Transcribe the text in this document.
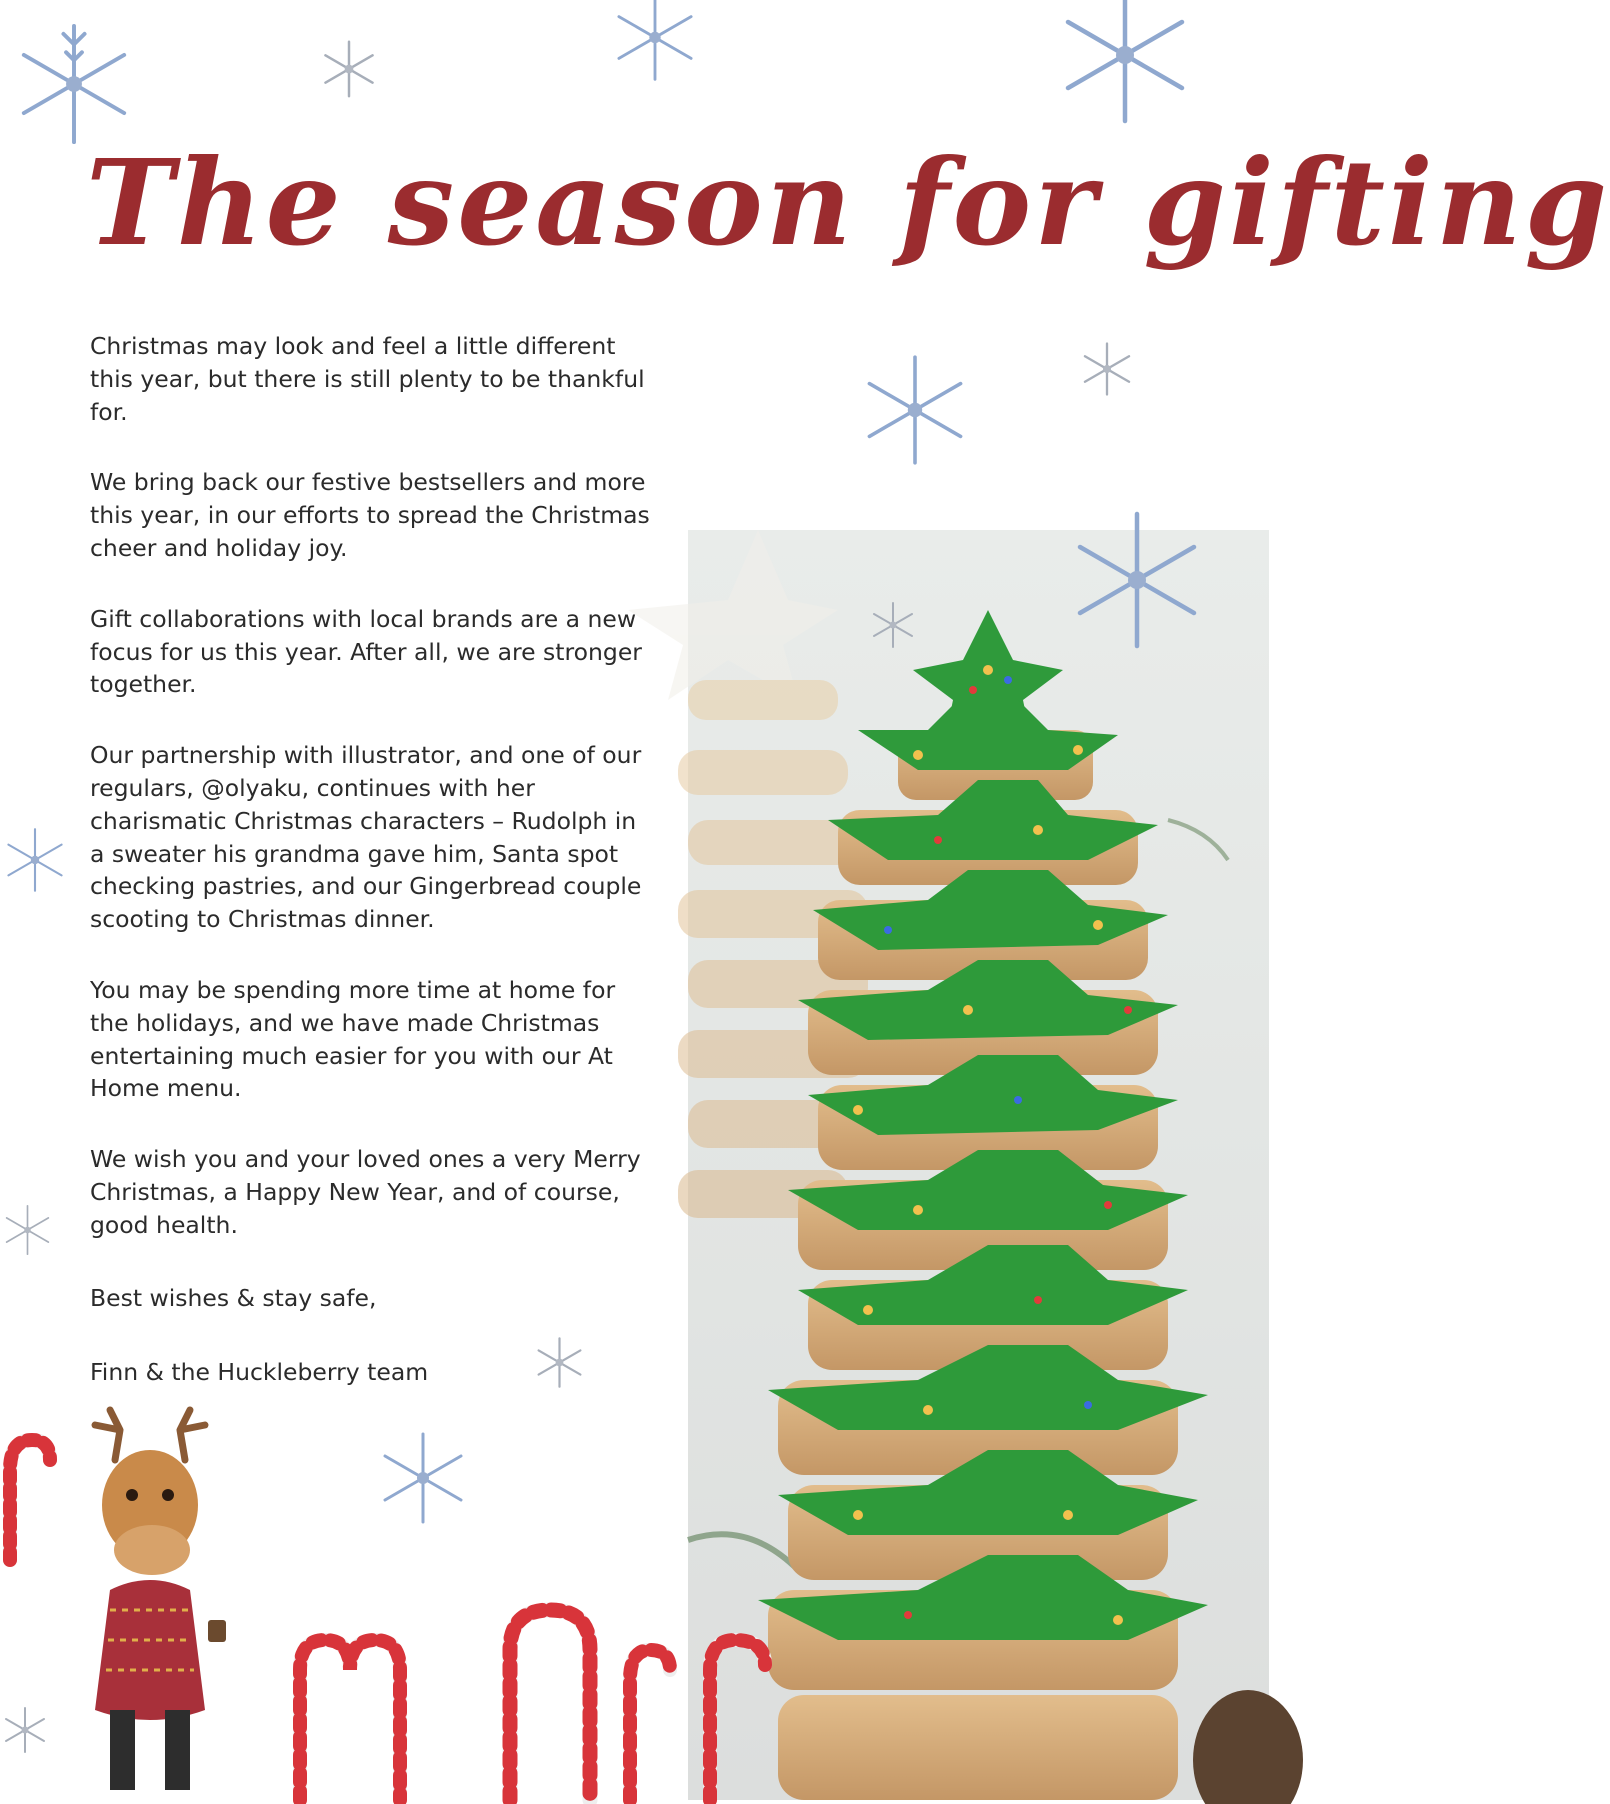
The season for gifting

Christmas may look and feel a little different this year, but there is still plenty to be thankful for.

We bring back our festive bestsellers and more this year, in our efforts to spread the Christmas cheer and holiday joy.

Gift collaborations with local brands are a new focus for us this year. After all, we are stronger together.

Our partnership with illustrator, and one of our regulars, @olyaku, continues with her charismatic Christmas characters – Rudolph in a sweater his grandma gave him, Santa spot checking pastries, and our Gingerbread couple scooting to Christmas dinner.

You may be spending more time at home for the holidays, and we have made Christmas entertaining much easier for you with our At Home menu.

We wish you and your loved ones a very Merry Christmas, a Happy New Year, and of course, good health.

Best wishes & stay safe,

Finn & the Huckleberry team
